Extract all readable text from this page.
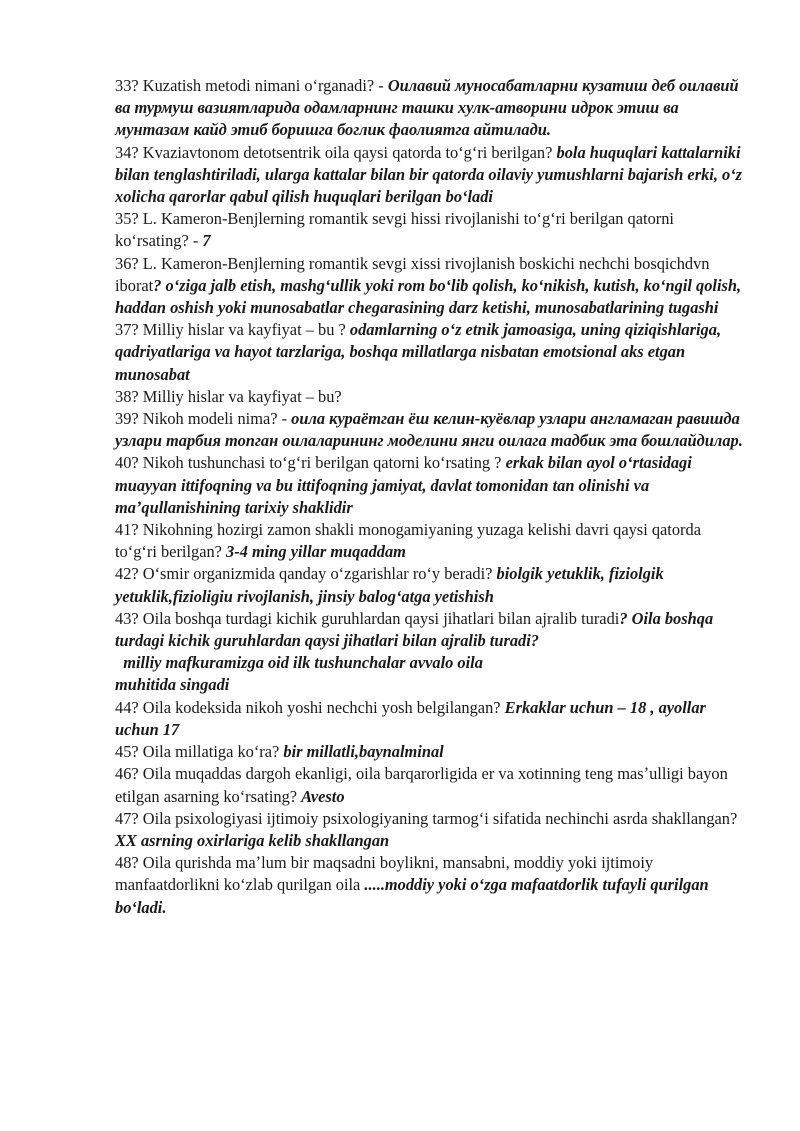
33? Kuzatish metodi nimani oʻrganadi? - Оилавий муносабатларни кузатиш деб оилавий ва турмуш вазиятларида одамларнинг ташки хулк-атворини идрок этиш ва мунтазам кайд этиб боришга боглик фаолиятга айтилади.

34? Kvaziavtonom detotsentrik oila qaysi qatorda toʻgʻri berilgan? bola huquqlari kattalarniki bilan tenglashtiriladi, ularga kattalar bilan bir qatorda oilaviy yumushlarni bajarish erki, oʻz xolicha qarorlar qabul qilish huquqlari berilgan boʻladi

35? L. Kameron-Benjlerning romantik sevgi hissi rivojlanishi toʻgʻri berilgan qatorni koʻrsating? - 7

36? L. Kameron-Benjlerning romantik sevgi xissi rivojlanish boskichi nechchi bosqichdvn iborat? oʻziga jalb etish, mashgʻullik yoki rom boʻlib qolish, koʻnikish, kutish, koʻngil qolish, haddan oshish yoki munosabatlar chegarasining darz ketishi, munosabatlarining tugashi

37? Milliy hislar va kayfiyat – bu ? odamlarning oʻz etnik jamoasiga, uning qiziqishlariga, qadriyatlariga va hayot tarzlariga, boshqa millatlarga nisbatan emotsional aks etgan munosabat

38? Milliy hislar va kayfiyat – bu?

39? Nikoh modeli nima? - оила кураётган ёш келин-куёвлар узлари англамаган равишда узлари тарбия топган оилаларининг моделини янги оилага тадбик эта бошлайдилар.

40? Nikoh tushunchasi toʻgʻri berilgan qatorni koʻrsating ? erkak bilan ayol oʻrtasidagi muayyan ittifoqning va bu ittifoqning jamiyat, davlat tomonidan tan olinishi va maʼqullanishining tarixiy shaklidir

41? Nikohning hozirgi zamon shakli monogamiyaning yuzaga kelishi davri qaysi qatorda toʻgʻri berilgan? 3-4 ming yillar muqaddam

42? Oʻsmir organizmida qanday oʻzgarishlar roʻy beradi? biolgik yetuklik, fiziolgik yetuklik,fizioligiu rivojlanish, jinsiy balogʻatga yetishish

43? Oila boshqa turdagi kichik guruhlardan qaysi jihatlari bilan ajralib turadi? Oila boshqa turdagi kichik guruhlardan qaysi jihatlari bilan ajralib turadi?
milliy mafkuramizga oid ilk tushunchalar avvalo oila
muhitida singadi

44? Oila kodeksida nikoh yoshi nechchi yosh belgilangan? Erkaklar uchun – 18 , ayollar uchun 17

45? Oila millatiga koʻra? bir millatli,baynalminal

46? Oila muqaddas dargoh ekanligi, oila barqarorligida er va xotinning teng masʼulligi bayon etilgan asarning koʻrsating? Avesto

47? Oila psixologiyasi ijtimoiy psixologiyaning tarmogʻi sifatida nechinchi asrda shakllangan? XX asrning oxirlariga kelib shakllangan

48? Oila qurishda maʼlum bir maqsadni boylikni, mansabni, moddiy yoki ijtimoiy manfaatdorlikni koʻzlab qurilgan oila .....moddiy yoki oʻzga mafaatdorlik tufayli qurilgan boʻladi.
